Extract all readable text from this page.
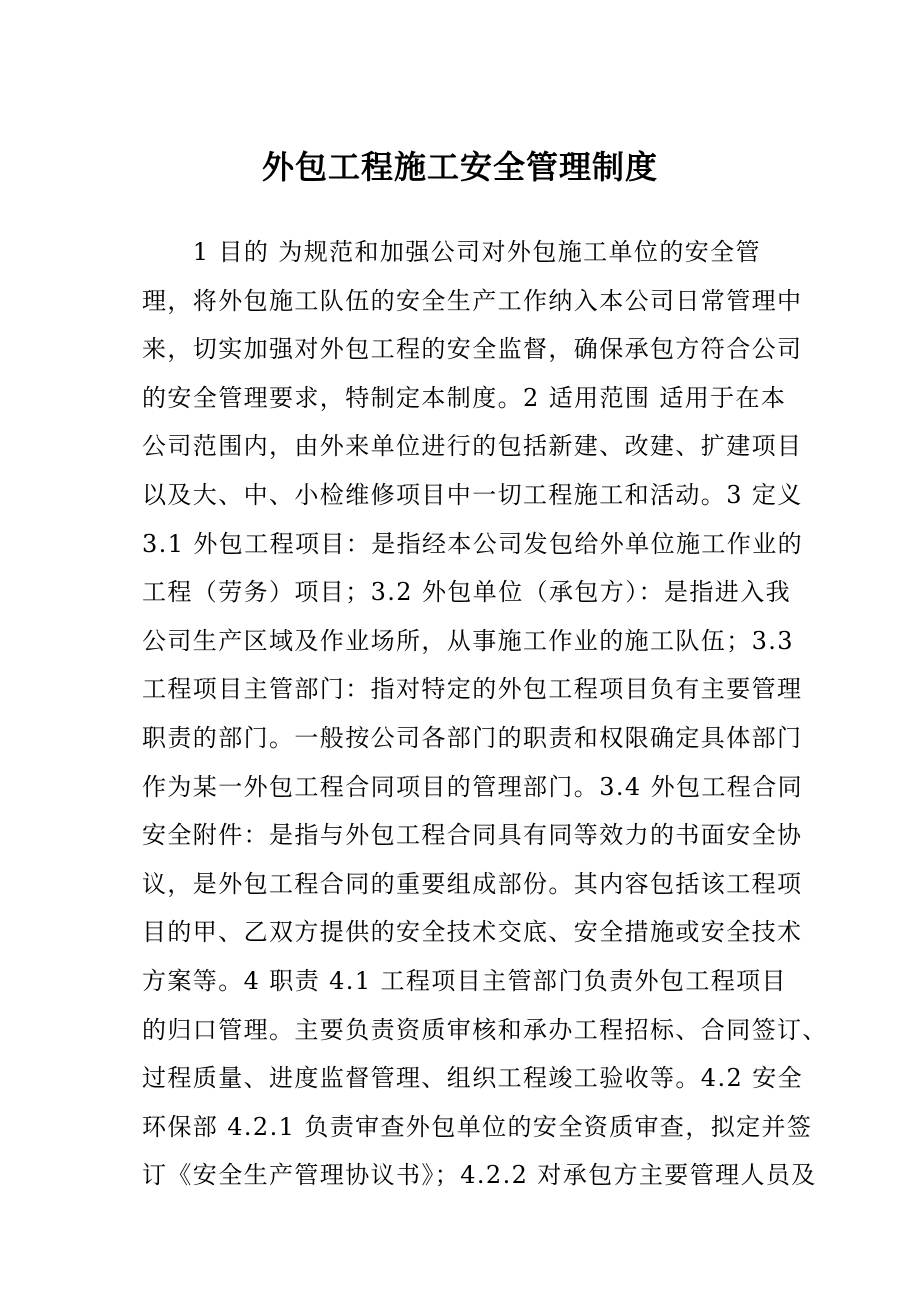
外包工程施工安全管理制度
　　1 目的 为规范和加强公司对外包施工单位的安全管
理，将外包施工队伍的安全生产工作纳入本公司日常管理中
来，切实加强对外包工程的安全监督，确保承包方符合公司
的安全管理要求，特制定本制度。2 适用范围 适用于在本
公司范围内，由外来单位进行的包括新建、改建、扩建项目
以及大、中、小检维修项目中一切工程施工和活动。3 定义
3.1 外包工程项目：是指经本公司发包给外单位施工作业的
工程（劳务）项目；3.2 外包单位（承包方）：是指进入我
公司生产区域及作业场所，从事施工作业的施工队伍；3.3
工程项目主管部门：指对特定的外包工程项目负有主要管理
职责的部门。一般按公司各部门的职责和权限确定具体部门
作为某一外包工程合同项目的管理部门。3.4 外包工程合同
安全附件：是指与外包工程合同具有同等效力的书面安全协
议，是外包工程合同的重要组成部份。其内容包括该工程项
目的甲、乙双方提供的安全技术交底、安全措施或安全技术
方案等。4 职责 4.1 工程项目主管部门负责外包工程项目
的归口管理。主要负责资质审核和承办工程招标、合同签订、
过程质量、进度监督管理、组织工程竣工验收等。4.2 安全
环保部 4.2.1 负责审查外包单位的安全资质审查，拟定并签
订《安全生产管理协议书》；4.2.2 对承包方主要管理人员及
